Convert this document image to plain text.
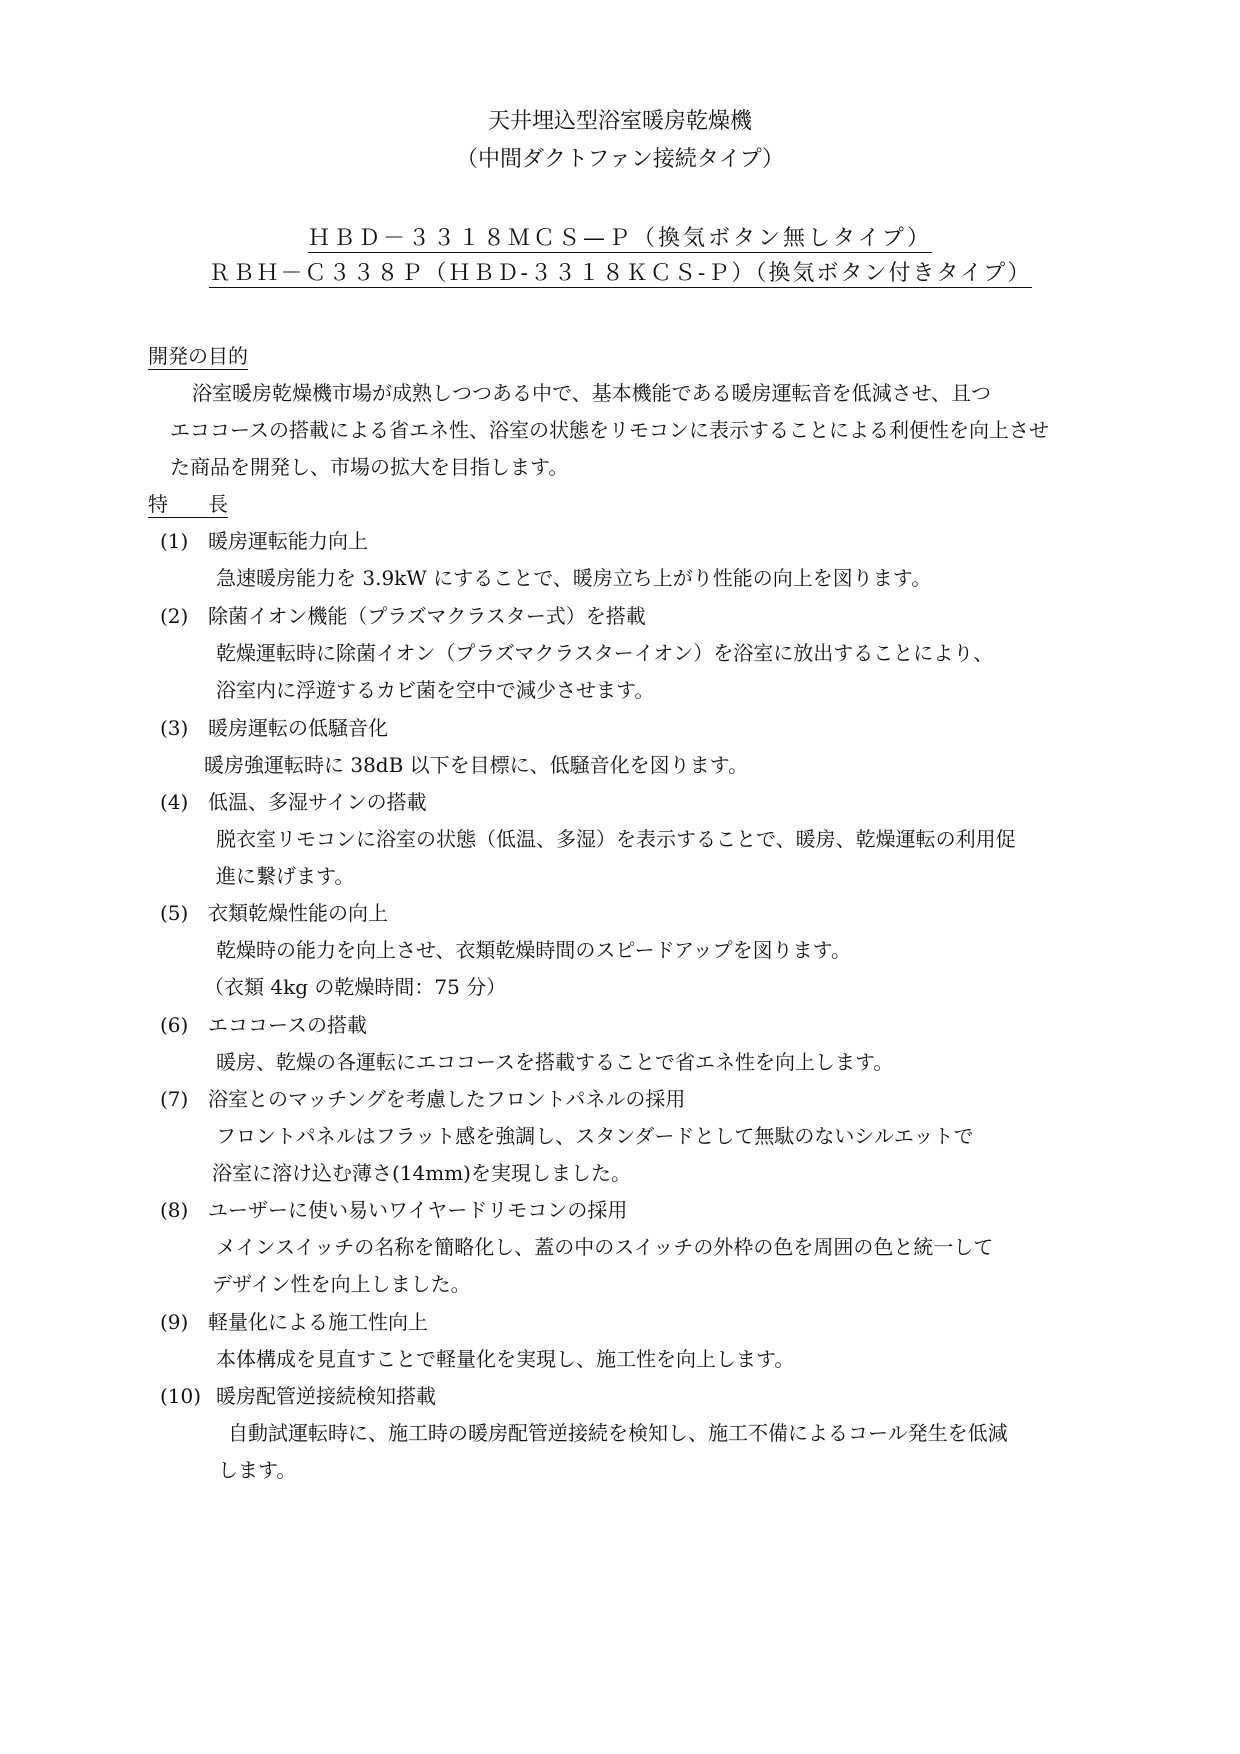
天井埋込型浴室暖房乾燥機
（中間ダクトファン接続タイプ）
ＨＢＤ－３３１８ＭＣＳ—Ｐ（換気ボタン無しタイプ）
ＲＢＨ－Ｃ３３８Ｐ（ＨＢＤ-３３１８ＫＣＳ-Ｐ）（換気ボタン付きタイプ）
開発の目的
浴室暖房乾燥機市場が成熟しつつある中で、基本機能である暖房運転音を低減させ、且つ
エココースの搭載による省エネ性、浴室の状態をリモコンに表示することによる利便性を向上させ
た商品を開発し、市場の拡大を目指します。
特　　長
(1) 暖房運転能力向上
急速暖房能力を 3.9kW にすることで、暖房立ち上がり性能の向上を図ります。
(2) 除菌イオン機能（プラズマクラスター式）を搭載
乾燥運転時に除菌イオン（プラズマクラスターイオン）を浴室に放出することにより、
浴室内に浮遊するカビ菌を空中で減少させます。
(3) 暖房運転の低騒音化
暖房強運転時に 38dB 以下を目標に、低騒音化を図ります。
(4) 低温、多湿サインの搭載
脱衣室リモコンに浴室の状態（低温、多湿）を表示することで、暖房、乾燥運転の利用促
進に繋げます。
(5) 衣類乾燥性能の向上
乾燥時の能力を向上させ、衣類乾燥時間のスピードアップを図ります。
（衣類 4kg の乾燥時間：75 分）
(6) エココースの搭載
暖房、乾燥の各運転にエココースを搭載することで省エネ性を向上します。
(7) 浴室とのマッチングを考慮したフロントパネルの採用
フロントパネルはフラット感を強調し、スタンダードとして無駄のないシルエットで
浴室に溶け込む薄さ(14mm)を実現しました。
(8) ユーザーに使い易いワイヤードリモコンの採用
メインスイッチの名称を簡略化し、蓋の中のスイッチの外枠の色を周囲の色と統一して
デザイン性を向上しました。
(9) 軽量化による施工性向上
本体構成を見直すことで軽量化を実現し、施工性を向上します。
(10) 暖房配管逆接続検知搭載
自動試運転時に、施工時の暖房配管逆接続を検知し、施工不備によるコール発生を低減
します。
